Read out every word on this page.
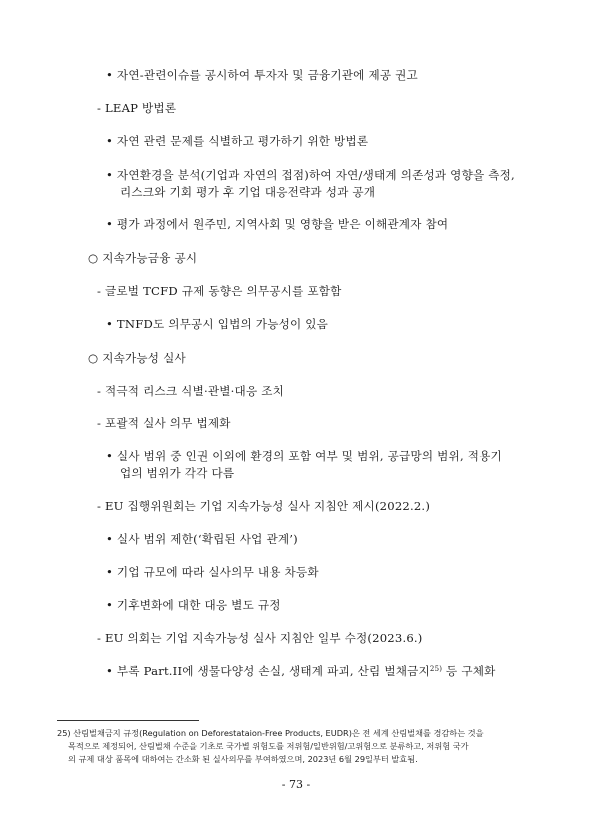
• 자연-관련이슈를 공시하여 투자자 및 금융기관에 제공 권고
- LEAP 방법론
• 자연 관련 문제를 식별하고 평가하기 위한 방법론
• 자연환경을 분석(기업과 자연의 접점)하여 자연/생태계 의존성과 영향을 측정,
리스크와 기회 평가 후 기업 대응전략과 성과 공개
• 평가 과정에서 원주민, 지역사회 및 영향을 받은 이해관계자 참여
○ 지속가능금융 공시
- 글로벌 TCFD 규제 동향은 의무공시를 포함함
• TNFD도 의무공시 입법의 가능성이 있음
○ 지속가능성 실사
- 적극적 리스크 식별·관별·대응 조치
- 포괄적 실사 의무 법제화
• 실사 범위 중 인권 이외에 환경의 포함 여부 및 범위, 공급망의 범위, 적용기
업의 범위가 각각 다름
- EU 집행위원회는 기업 지속가능성 실사 지침안 제시(2022.2.)
• 실사 범위 제한(‘확립된 사업 관계’)
• 기업 규모에 따라 실사의무 내용 차등화
• 기후변화에 대한 대응 별도 규정
- EU 의회는 기업 지속가능성 실사 지침안 일부 수정(2023.6.)
• 부록 Part.II에 생물다양성 손실, 생태계 파괴, 산림 벌채금지$^{25)}$ 등 구체화
25) 산림벌채금지 규정(Regulation on Deforestataion-Free Products, EUDR)은 전 세계 산림벌채를 경감하는 것을
목적으로 제정되어, 산림벌채 수준을 기초로 국가별 위험도를 저위험/일반위험/고위험으로 분류하고, 저위험 국가
의 규제 대상 품목에 대하여는 간소화 된 실사의무를 부여하였으며, 2023년 6월 29일부터 발효됨.
- 73 -
